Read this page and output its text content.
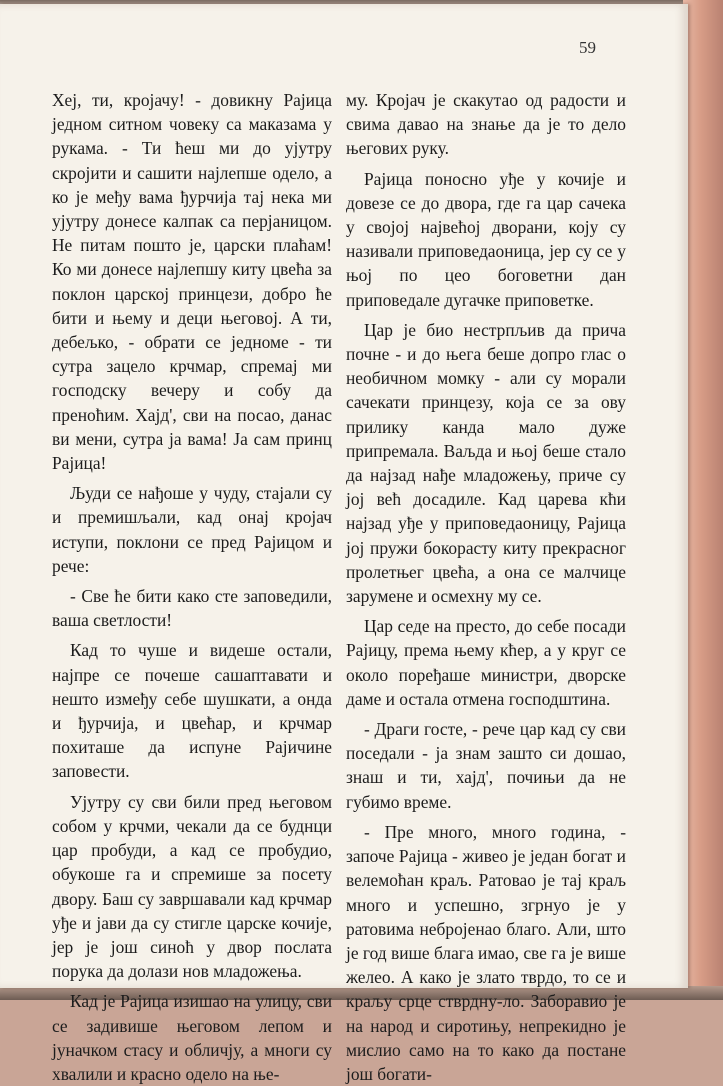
59

Хеј, ти, кројачу! - довикну Рајица једном ситном човеку са маказама у рукама. - Ти ћеш ми до ујутру скројити и сашити најлепше одело, а ко је међу вама ђурчија тај нека ми ујутру донесе калпак са перјаницом. Не питам пошто је, царски плаћам! Ко ми донесе најлепшу киту цвећа за поклон царској принцези, добро ће бити и њему и деци његовој. А ти, дебељко, - обрати се једноме - ти сутра зацело крчмар, спремај ми господску вечеру и собу да преноћим. Хајд', сви на посао, данас ви мени, сутра ја вама! Ја сам принц Рајица!

Људи се нађоше у чуду, стајали су и премишљали, кад онај кројач иступи, поклони се пред Рајицом и рече:

- Све ће бити како сте заповедили, ваша светлости!

Кад то чуше и видеше остали, најпре се почеше сашаптавати и нешто између себе шушкати, а онда и ђурчија, и цвећар, и крчмар похиташе да испуне Рајичине заповести.

Ујутру су сви били пред његовом собом у крчми, чекали да се буднци цар пробуди, а кад се пробудио, обукоше га и спремише за посету двору. Баш су завршавали кад крчмар уђе и јави да су стигле царске кочије, јер је још синоћ у двор послата порука да долази нов младожења.

Кад је Рајица изишао на улицу, сви се задивише његовом лепом и јуначком стасу и обличју, а многи су хвалили и красно одело на ње-

му. Кројач је скакутао од радости и свима давао на знање да је то дело његових руку.

Рајица поносно уђе у кочије и довезе се до двора, где га цар сачека у својој највећој дворани, коју су називали приповедаоница, јер су се у њој по цео боговетни дан приповедале дугачке приповетке.

Цар је био нестрпљив да прича почне - и до њега беше допро глас о необичном момку - али су морали сачекати принцезу, која се за ову прилику канда мало дуже припремала. Ваљда и њој беше стало да најзад нађе младожењу, приче су јој већ досадиле. Кад царева кћи најзад уђе у приповедаоницу, Рајица јој пружи бокорасту киту прекрасног пролетњег цвећа, а она се малчице зарумене и осмехну му се.

Цар седе на престо, до себе посади Рајицу, према њему кћер, а у круг се около поређаше министри, дворске даме и остала отмена господштина.

- Драги госте, - рече цар кад су сви поседали - ја знам зашто си дошао, знаш и ти, хајд', почињи да не губимо време.

- Пре много, много година, - започе Рајица - живео је један богат и велемоћан краљ. Ратовао је тај краљ много и успешно, згрнуо је у ратовима небројенао благо. Али, што је год више блага имао, све га је више желео. А како је злато тврдо, то се и краљу срце стврдну-ло. Заборавио је на народ и сиротињу, непрекидно је мислио само на то како да постане још богати-
